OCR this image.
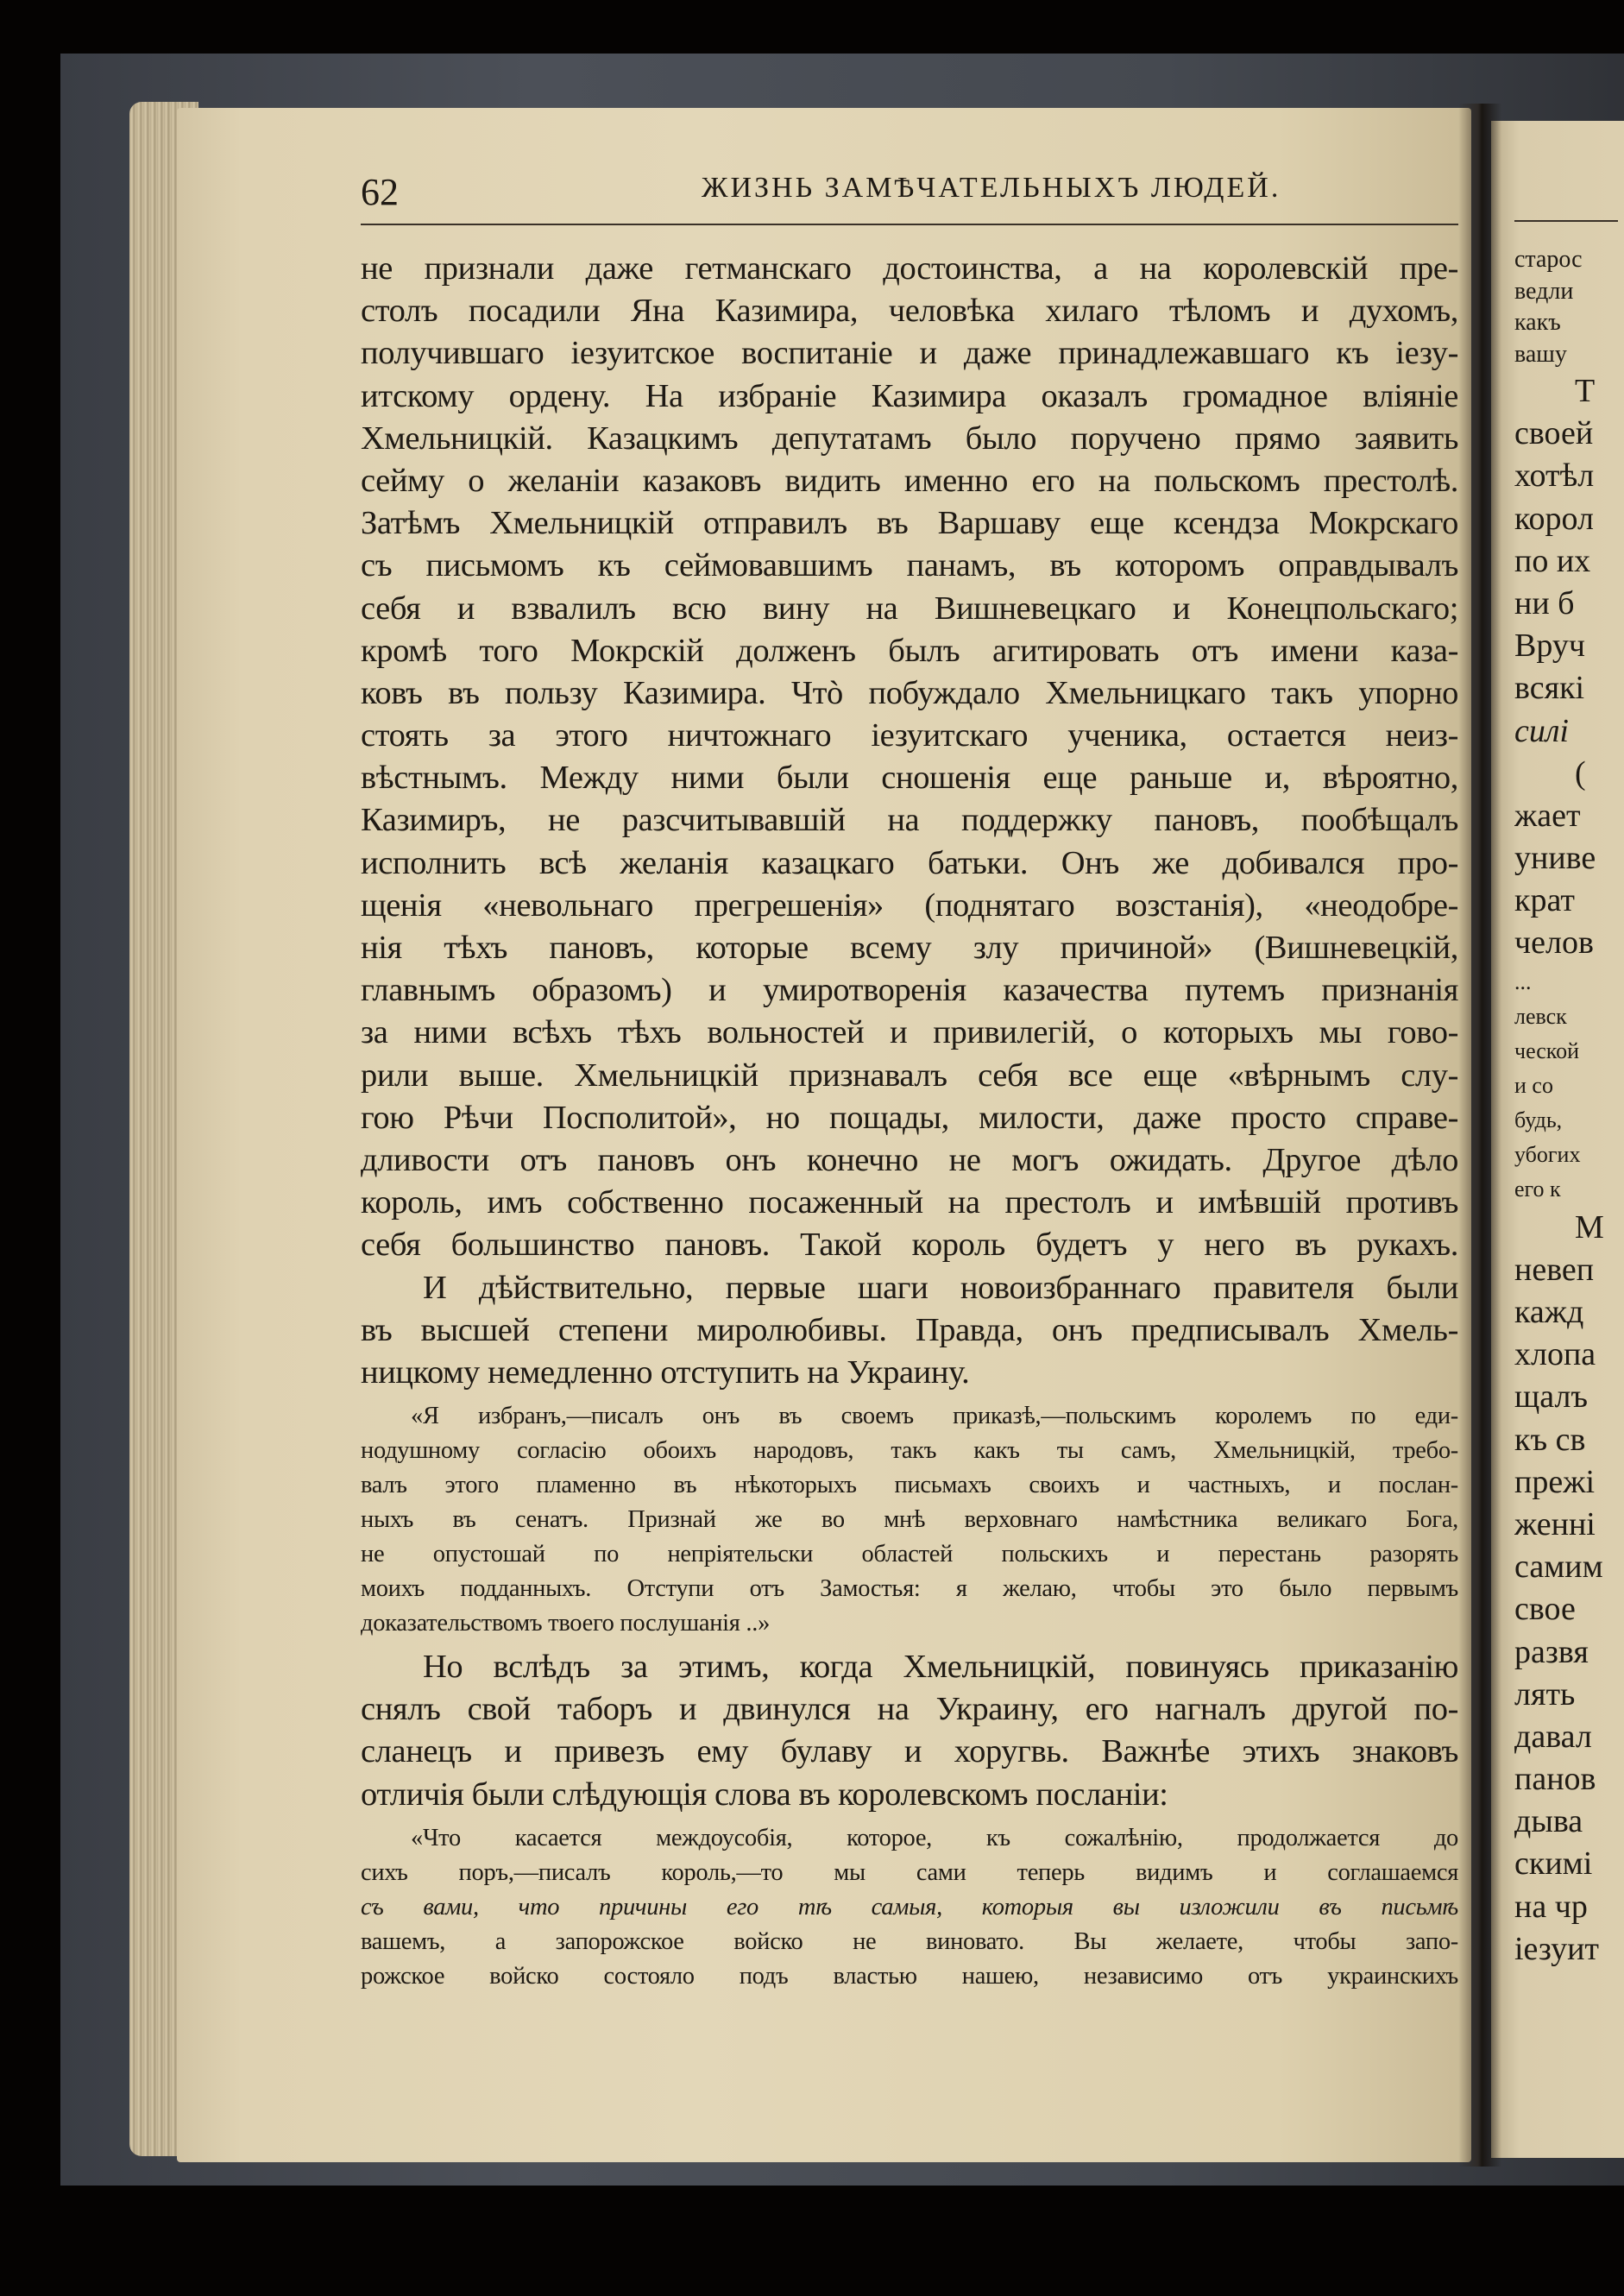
62	ЖИЗНЬ ЗАМѢЧАТЕЛЬНЫХЪ ЛЮДЕЙ.
не признали даже гетманскаго достоинства, а на королевскій пре-
столъ посадили Яна Казимира, человѣка хилаго тѣломъ и духомъ,
получившаго іезуитское воспитаніе и даже принадлежавшаго къ іезу-
итскому ордену. На избраніе Казимира оказалъ громадное вліяніе
Хмельницкій. Казацкимъ депутатамъ было поручено прямо заявить
сейму о желаніи казаковъ видить именно его на польскомъ престолѣ.
Затѣмъ Хмельницкій отправилъ въ Варшаву еще ксендза Мокрскаго
съ письмомъ къ сеймовавшимъ панамъ, въ которомъ оправдывалъ
себя и взвалилъ всю вину на Вишневецкаго и Конецпольскаго;
кромѣ того Мокрскій долженъ былъ агитировать отъ имени каза-
ковъ въ пользу Казимира. Чтò побуждало Хмельницкаго такъ упорно
стоять за этого ничтожнаго іезуитскаго ученика, остается неиз-
вѣстнымъ. Между ними были сношенія еще раньше и, вѣроятно,
Казимиръ, не разсчитывавшій на поддержку пановъ, пообѣщалъ
исполнить всѣ желанія казацкаго батьки. Онъ же добивался про-
щенія «невольнаго прегрешенія» (поднятаго возстанія), «неодобре-
нія тѣхъ пановъ, которые всему злу причиной» (Вишневецкій,
главнымъ образомъ) и умиротворенія казачества путемъ признанія
за ними всѣхъ тѣхъ вольностей и привилегій, о которыхъ мы гово-
рили выше. Хмельницкій признавалъ себя все еще «вѣрнымъ слу-
гою Рѣчи Посполитой», но пощады, милости, даже просто справе-
дливости отъ пановъ онъ конечно не могъ ожидать. Другое дѣло
король, имъ собственно посаженный на престолъ и имѣвшій противъ
себя большинство пановъ. Такой король будетъ у него въ рукахъ.
И дѣйствительно, первые шаги новоизбраннаго правителя были
въ высшей степени миролюбивы. Правда, онъ предписывалъ Хмель-
ницкому немедленно отступить на Украину.
«Я избранъ,—писалъ онъ въ своемъ приказѣ,—польскимъ королемъ по еди-
нодушному согласію обоихъ народовъ, такъ какъ ты самъ, Хмельницкій, требо-
валъ этого пламенно въ нѣкоторыхъ письмахъ своихъ и частныхъ, и послан-
ныхъ въ сенатъ. Признай же во мнѣ верховнаго намѣстника великаго Бога,
не опустошай по непріятельски областей польскихъ и перестань разорять
моихъ подданныхъ. Отступи отъ Замостья: я желаю, чтобы это было первымъ
доказательствомъ твоего послушанія ..»
Но вслѣдъ за этимъ, когда Хмельницкій, повинуясь приказанію
снялъ свой таборъ и двинулся на Украину, его нагналъ другой по-
сланецъ и привезъ ему булаву и хоругвь. Важнѣе этихъ знаковъ
отличія были слѣдующія слова въ королевскомъ посланіи:
«Что касается междоусобія, которое, къ сожалѣнію, продолжается до
сихъ поръ,—писалъ король,—то мы сами теперь видимъ и соглашаемся
съ вами, что причины его тѣ самыя, которыя вы изложили въ письмѣ
вашемъ, а запорожское войско не виновато. Вы желаете, чтобы запо-
рожское войско состояло подъ властью нашею, независимо отъ украинскихъ
старос
ведли
какъ
вашу
Т
своей
хотѣл
корол
по их
ни б
Вруч
всякі
силі
(
жает
униве
крат
челов
...
левск
ческой
и со
будь,
убогих
его к
М
невеп
кажд
хлопа
щалъ
къ св
прежі
женні
самим
свое
развя
лять
давал
панов
дыва
скимі
на чр
іезуит
